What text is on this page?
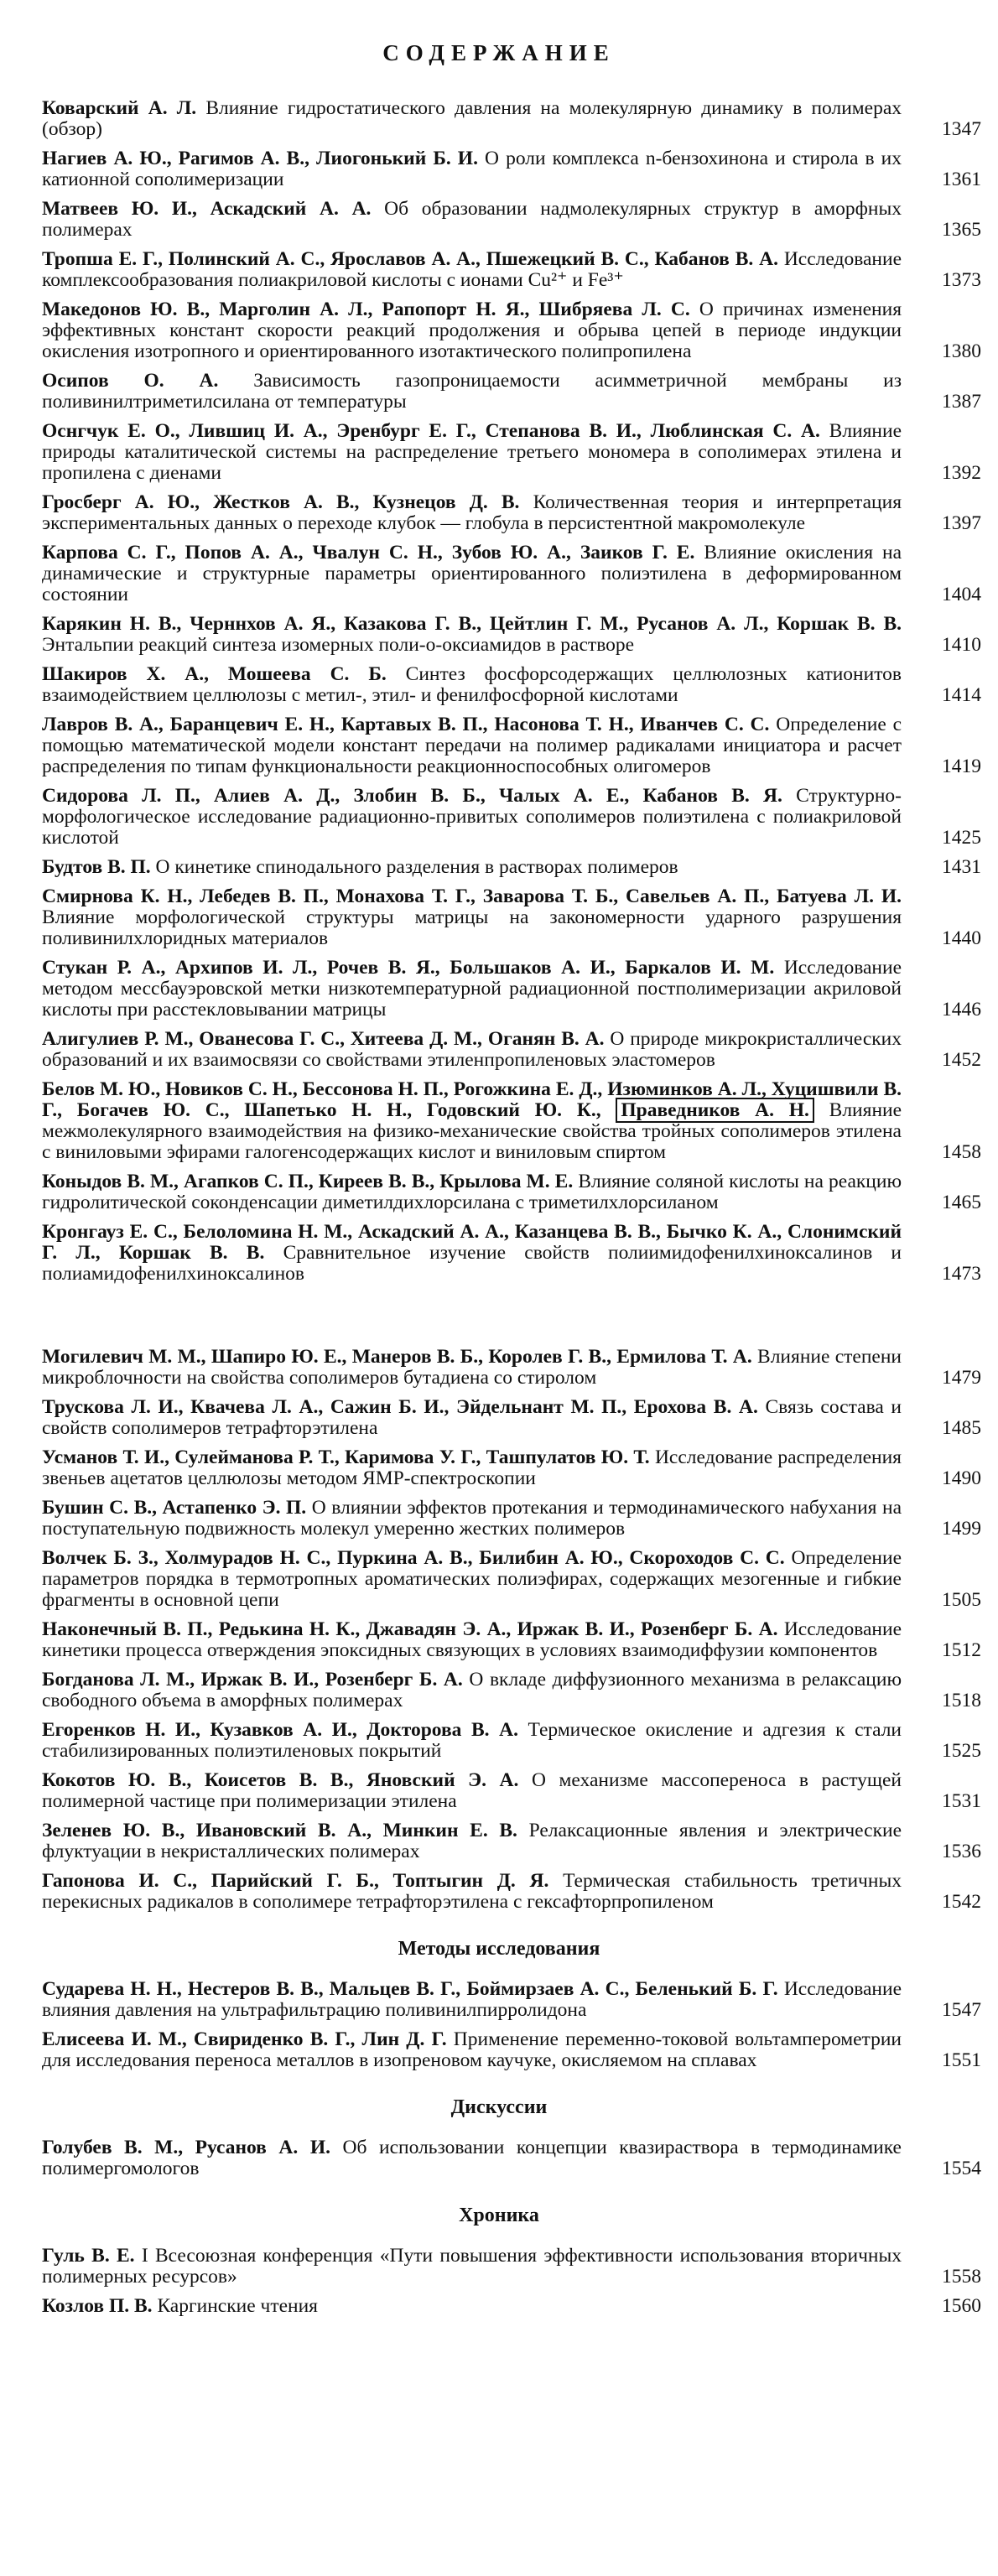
СОДЕРЖАНИЕ
Коварский А. Л. Влияние гидростатического давления на молекулярную динамику в полимерах (обзор)	1347
Нагиев А. Ю., Рагимов А. В., Лиогонький Б. И. О роли комплекса n-бензохинона и стирола в их катионной сополимеризации	1361
Матвеев Ю. И., Аскадский А. А. Об образовании надмолекулярных структур в аморфных полимерах	1365
Тропша Е. Г., Полинский А. С., Ярославов А. А., Пшежецкий В. С., Кабанов В. А. Исследование комплексообразования полиакриловой кислоты с ионами Cu²⁺ и Fe³⁺	1373
Македонов Ю. В., Марголин А. Л., Рапопорт Н. Я., Шибряева Л. С. О причинах изменения эффективных констант скорости реакций продолжения и обрыва цепей в периоде индукции окисления изотропного и ориентированного изотактического полипропилена	1380
Осипов О. А. Зависимость газопроницаемости асимметричной мембраны из поливинилтриметилсилана от температуры	1387
Оснгчук Е. О., Лившиц И. А., Эренбург Е. Г., Степанова В. И., Люблинская С. А. Влияние природы каталитической системы на распределение третьего мономера в сополимерах этилена и пропилена с диенами	1392
Гросберг А. Ю., Жестков А. В., Кузнецов Д. В. Количественная теория и интерпретация экспериментальных данных о переходе клубок — глобула в персистентной макромолекуле	1397
Карпова С. Г., Попов А. А., Чвалун С. Н., Зубов Ю. А., Заиков Г. Е. Влияние окисления на динамические и структурные параметры ориентированного полиэтилена в деформированном состоянии	1404
Карякин Н. В., Черннхов А. Я., Казакова Г. В., Цейтлин Г. М., Русанов А. Л., Коршак В. В. Энтальпии реакций синтеза изомерных поли-о-оксиамидов в растворе	1410
Шакиров Х. А., Мошеева С. Б. Синтез фосфорсодержащих целлюлозных катионитов взаимодействием целлюлозы с метил-, этил- и фенилфосфорной кислотами	1414
Лавров В. А., Баранцевич Е. Н., Картавых В. П., Насонова Т. Н., Иванчев С. С. Определение с помощью математической модели констант передачи на полимер радикалами инициатора и расчет распределения по типам функциональности реакционноспособных олигомеров	1419
Сидорова Л. П., Алиев А. Д., Злобин В. Б., Чалых А. Е., Кабанов В. Я. Структурно-морфологическое исследование радиационно-привитых сополимеров полиэтилена с полиакриловой кислотой	1425
Будтов В. П. О кинетике спинодального разделения в растворах полимеров	1431
Смирнова К. Н., Лебедев В. П., Монахова Т. Г., Заварова Т. Б., Савельев А. П., Батуева Л. И. Влияние морфологической структуры матрицы на закономерности ударного разрушения поливинилхлоридных материалов	1440
Стукан Р. А., Архипов И. Л., Рочев В. Я., Большаков А. И., Баркалов И. М. Исследование методом мессбауэровской метки низкотемпературной радиационной постполимеризации акриловой кислоты при расстекловывании матрицы	1446
Алигулиев Р. М., Ованесова Г. С., Хитеева Д. М., Оганян В. А. О природе микрокристаллических образований и их взаимосвязи со свойствами этиленпропиленовых эластомеров	1452
Белов М. Ю., Новиков С. Н., Бессонова Н. П., Рогожкина Е. Д., Изюминков А. Л., Хуцишвили В. Г., Богачев Ю. С., Шапетько Н. Н., Годовский Ю. К., Праведников А. Н. Влияние межмолекулярного взаимодействия на физико-механические свойства тройных сополимеров этилена с виниловыми эфирами галогенсодержащих кислот и виниловым спиртом	1458
Коныдов В. М., Агапков С. П., Киреев В. В., Крылова М. Е. Влияние соляной кислоты на реакцию гидролитической соконденсации диметилдихлорсилана с триметилхлорсиланом	1465
Кронгауз Е. С., Белоломина Н. М., Аскадский А. А., Казанцева В. В., Бычко К. А., Слонимский Г. Л., Коршак В. В. Сравнительное изучение свойств полиимидофенилхиноксалинов и полиамидофенилхиноксалинов	1473
Могилевич М. М., Шапиро Ю. Е., Манеров В. Б., Королев Г. В., Ермилова Т. А. Влияние степени микроблочности на свойства сополимеров бутадиена со стиролом	1479
Трускова Л. И., Квачева Л. А., Сажин Б. И., Эйдельнант М. П., Ерохова В. А. Связь состава и свойств сополимеров тетрафторэтилена	1485
Усманов Т. И., Сулейманова Р. Т., Каримова У. Г., Ташпулатов Ю. Т. Исследование распределения звеньев ацетатов целлюлозы методом ЯМР-спектроскопии	1490
Бушин С. В., Астапенко Э. П. О влиянии эффектов протекания и термодинамического набухания на поступательную подвижность молекул умеренно жестких полимеров	1499
Волчек Б. З., Холмурадов Н. С., Пуркина А. В., Билибин А. Ю., Скороходов С. С. Определение параметров порядка в термотропных ароматических полиэфирах, содержащих мезогенные и гибкие фрагменты в основной цепи	1505
Наконечный В. П., Редькина Н. К., Джавадян Э. А., Иржак В. И., Розенберг Б. А. Исследование кинетики процесса отверждения эпоксидных связующих в условиях взаимодиффузии компонентов	1512
Богданова Л. М., Иржак В. И., Розенберг Б. А. О вкладе диффузионного механизма в релаксацию свободного объема в аморфных полимерах	1518
Егоренков Н. И., Кузавков А. И., Докторова В. А. Термическое окисление и адгезия к стали стабилизированных полиэтиленовых покрытий	1525
Кокотов Ю. В., Коисетов В. В., Яновский Э. А. О механизме массопереноса в растущей полимерной частице при полимеризации этилена	1531
Зеленев Ю. В., Ивановский В. А., Минкин Е. В. Релаксационные явления и электрические флуктуации в некристаллических полимерах	1536
Гапонова И. С., Парийский Г. Б., Топтыгин Д. Я. Термическая стабильность третичных перекисных радикалов в сополимере тетрафторэтилена с гексафторпропиленом	1542
Методы исследования
Сударева Н. Н., Нестеров В. В., Мальцев В. Г., Боймирзаев А. С., Беленький Б. Г. Исследование влияния давления на ультрафильтрацию поливинилпирролидона	1547
Елисеева И. М., Свириденко В. Г., Лин Д. Г. Применение переменно-токовой вольтамперометрии для исследования переноса металлов в изопреновом каучуке, окисляемом на сплавах	1551
Дискуссии
Голубев В. М., Русанов А. И. Об использовании концепции квазирастворa в термодинамике полимергомологов	1554
Хроника
Гуль В. Е. I Всесоюзная конференция «Пути повышения эффективности использования вторичных полимерных ресурсов»	1558
Козлов П. В. Каргинские чтения	1560
